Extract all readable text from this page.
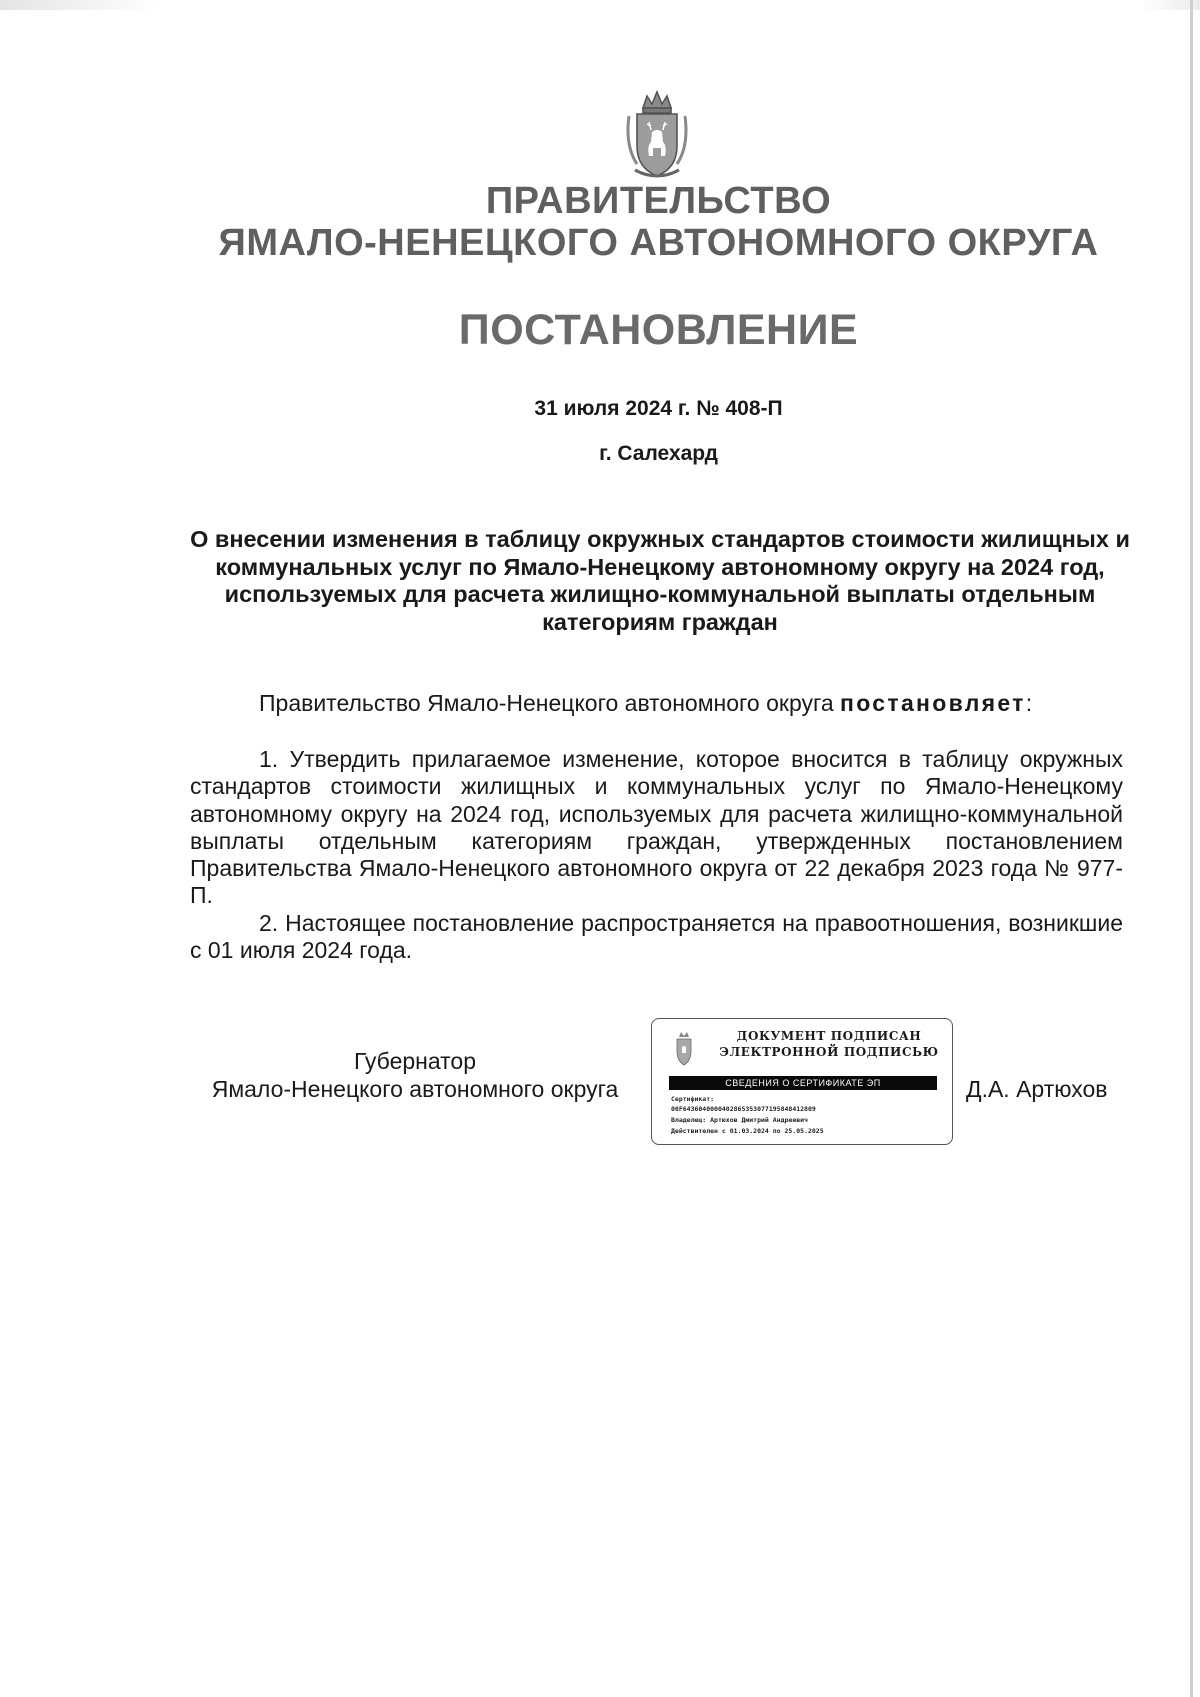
ПРАВИТЕЛЬСТВО
ЯМАЛО-НЕНЕЦКОГО АВТОНОМНОГО ОКРУГА
ПОСТАНОВЛЕНИЕ
31 июля 2024 г. № 408-П
г. Салехард
О внесении изменения в таблицу окружных стандартов стоимости жилищных и коммунальных услуг по Ямало-Ненецкому автономному округу на 2024 год, используемых для расчета жилищно-коммунальной выплаты отдельным категориям граждан
Правительство Ямало-Ненецкого автономного округа постановляет:
1. Утвердить прилагаемое изменение, которое вносится в таблицу окружных стандартов стоимости жилищных и коммунальных услуг по Ямало-Ненецкому автономному округу на 2024 год, используемых для расчета жилищно-коммунальной выплаты отдельным категориям граждан, утвержденных постановлением Правительства Ямало-Ненецкого автономного округа от 22 декабря 2023 года № 977-П.
2. Настоящее постановление распространяется на правоотношения, возникшие с 01 июля 2024 года.
Губернатор
Ямало-Ненецкого автономного округа
ДОКУМЕНТ ПОДПИСАН
ЭЛЕКТРОННОЙ ПОДПИСЬЮ
СВЕДЕНИЯ О СЕРТИФИКАТЕ ЭП
Сертификат:
00F6436040000402865353077195848412809
Владелец: Артюхов Дмитрий Андреевич
Действителен с 01.03.2024 по 25.05.2025
Д.А. Артюхов
